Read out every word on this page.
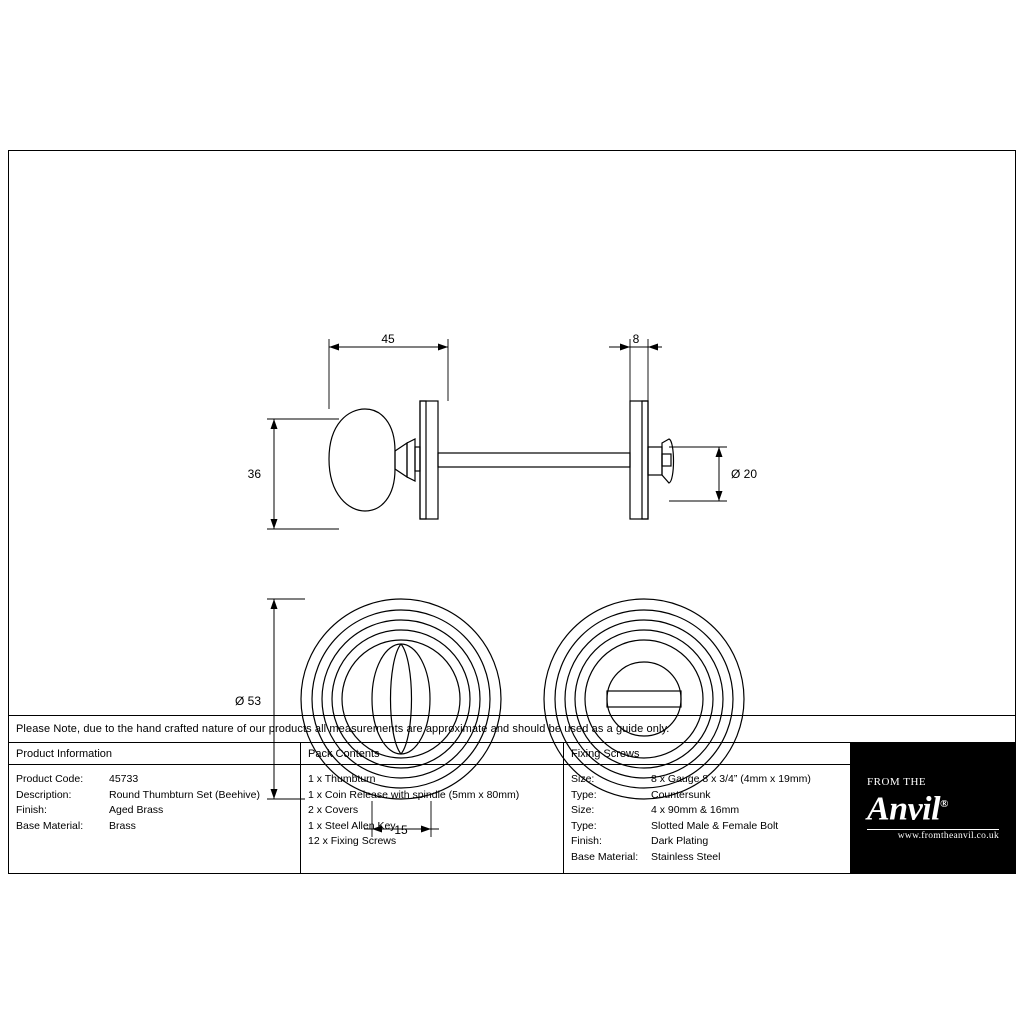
45	8
36	Ø 20
Ø 53
15
Please Note, due to the hand crafted nature of our products all measurements are approximate and should be used as a guide only.
Product Information
Product Code:	45733
Description:	Round Thumbturn Set (Beehive)
Finish:	Aged Brass
Base Material:	Brass
Pack Contents
1 x Thumbturn
1 x Coin Release with spindle (5mm x 80mm)
2 x Covers
1 x Steel Allen Key
12 x Fixing Screws
Fixing Screws
Size:	8 x Gauge 8 x 3/4” (4mm x 19mm)
Type:	Countersunk
Size:	4 x 90mm & 16mm
Type:	Slotted Male & Female Bolt
Finish:	Dark Plating
Base Material:	Stainless Steel
FROM THE
Anvil®
www.fromtheanvil.co.uk
